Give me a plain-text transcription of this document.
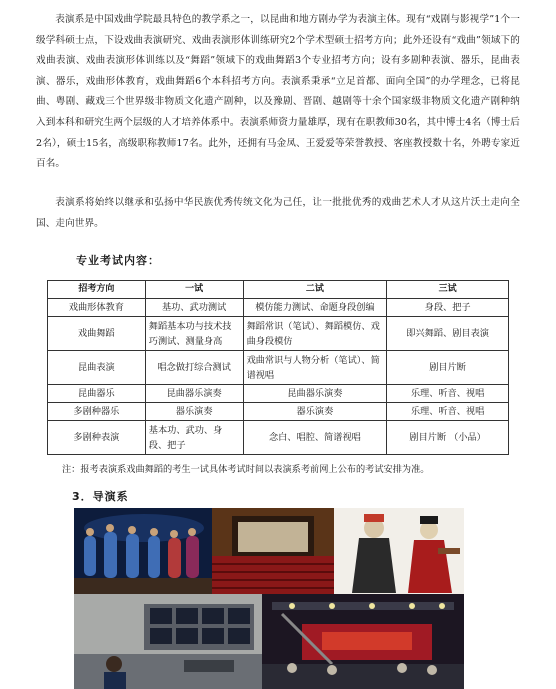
表演系是中国戏曲学院最具特色的教学系之一，以昆曲和地方剧办学为表演主体。现有“戏剧与影视学”1个一级学科硕士点，下设戏曲表演研究、戏曲表演形体训练研究2个学术型硕士招考方向；此外还设有“戏曲”领域下的戏曲表演、戏曲表演形体训练以及“舞蹈”领域下的戏曲舞蹈3个专业招考方向；设有多剧种表演、器乐，昆曲表演、器乐，戏曲形体教育，戏曲舞蹈6个本科招考方向。表演系秉承“立足首都、面向全国”的办学理念，已将昆曲、粤剧、藏戏三个世界级非物质文化遗产剧种，以及豫剧、晋剧、越剧等十余个国家级非物质文化遗产剧种纳入到本科和研究生两个层级的人才培养体系中。表演系师资力量雄厚，现有在职教师30名，其中博士4名（博士后2名），硕士15名，高级职称教师17名。此外，还拥有马金凤、王爱爱等荣誉教授、客座教授数十名，外聘专家近百名。

表演系将始终以继承和弘扬中华民族优秀传统文化为己任，让一批批优秀的戏曲艺术人才从这片沃土走向全国、走向世界。

专业考试内容：
招考方向	一试	二试	三试
戏曲形体教育	基功、武功测试	模仿能力测试、命题身段创编	身段、把子
戏曲舞蹈	舞蹈基本功与技术技巧测试、测量身高	舞蹈常识（笔试）、舞蹈模仿、戏曲身段模仿	即兴舞蹈、剧目表演
昆曲表演	唱念做打综合测试	戏曲常识与人物分析（笔试）、简谱视唱	剧目片断
昆曲器乐	昆曲器乐演奏	昆曲器乐演奏	乐理、听音、视唱
多剧种器乐	器乐演奏	器乐演奏	乐理、听音、视唱
多剧种表演	基本功、武功、身段、把子	念白、唱腔、简谱视唱	剧目片断 （小品）
注：报考表演系戏曲舞蹈的考生一试具体考试时间以表演系考前网上公布的考试安排为准。
3．导演系
